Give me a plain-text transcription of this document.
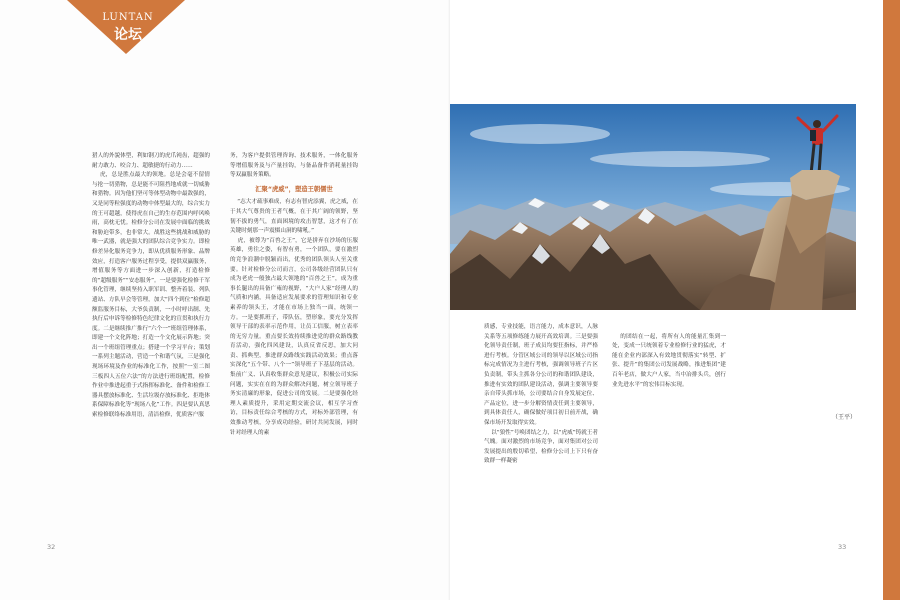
LUNTAN
论坛
猎人的外貌体型，利如钢刀的虎爪钝齿，超强的耐力敢力、咬合力、超敏捷的行动力……
虎，总是胜点最大的领地。总是会毫不留情与抢一切猎物，总是能不可阻挡地成就一切威胁和猎物。因为他们坚可等体型动物中最敌强的，又是同等粒强度的动物中体型最大的，综合实力的王可超越，使得虎在自己的生存范围内呼风唤雨，高枕无忧。检修分公司在发展中面临的挑战和胁迫带多，也非常大。战胜这些挑战和威胁的唯一武器，就是强大的团队综合竞争实力。即检修差异化服务竞争力，即从优质服务形象、品牌效应，打造客户服务过程享受，提供双赢服务，增值服务等方面进一步深入创新，打造检修的“超级服务”“安态服务”。一是要强化检修千军事化管理，继续坚持入职军训、整齐着装、列队遗站、方队早会等管理，加大“四个到位”检修超额监服务目标，大爷负责制，一小时呼出制、先执行后申诉等检修特色纪律文化的宣贯和执行力度。二是继续推广推行“六个一”班组管理体系，即建一个文化阵地；打造一个文化展示阵地；突出一个班组管理重点；搭建一个学习平台；策划一系列主题活动，营造一个和谐气氛，三是强化现场环境及作业的标准化工作，按照“一室二图三板四人五位六法”的方法进行班组配置，检修作业中推进起重于式指挥标准化、备件和检修工器具摆放标准化、生活垃圾存放标准化、拒绝体系保障标准化等“现场八化”工作。四是要认真思索检修联络标准用语，清洁检修，优质客户服
务，为客户提供管理咨询、技术服务，一体化服务等增值服务及与产量挂钩，与备品备件消耗量挂钩等双赢服务策略。
汇聚“虎威”，塑造王朝儒世
“志大才疏事难成，有志有智虎添翼，虎之威，在于其大气尊贵的王者气概，在于其广阔的领野，坚韧不拔的勇气，直面困境的攻击智慧，这才有了在关键时刻那一声震慑山洞的啸吼。”
虎，被尊为“百兽之王”，它是拼弃在沙场的压服英雄，勇往之姿，有智有勇，一个团队，要在激烈的竞争浪潮中脱颖而出，优秀的团队领头人至关重要。针对检修分公司而言，公司各级经营团队只有成为老虎一般独占最大领地的“百兽之王”，成为重事长腿出的具备广雍的视野，“大户人家”经理人的气质和内涵，具备适应发展要求的管理知识和专业素养的领头王，才能在市场上独当一面，统领一方。一是要抓班子，带队伍，塑形象，要充分发挥领导干部的表率示范作用，让员工信服，树立表率的无穷力量。重点要长效持续推进党的群众路线教育活动，强化四风建设，认真反省反思，加大问责、抓典型，推进群众路线实践活动效果；重点落实深化“五个带、八个一”领导班子下基层的活动。集前广义、认真收集群众意见建议，积极公司实际问题，实实在在的为群众解决问题，树立领导班子务实清廉的形象，促进公司的发展。二是要强化经理人素质提升，采用定期交流会议，相互学习查访，目标责任综合考核的方式，对标外部管理，有效推动考核，分享成功经验，研讨共同发展，同时针对经理人的素
32
质感，专业技能，语言能力，成本意识，人脉关系等五项修练能力展开高效培训。三是要强化领导责任制，班子成员均要狂指标，并严格进行考核。分管区域公司的领导以区域公司指标完成情况为主进行考核，强调领导班子片区负责制，带头主抓各分公司的和谐团队建设，推进有实效的团队建设活动，强调主要领导要亲自带头抓市场，公司要结合自身发展定位、产品定位，进一步分解资情责任到主要领导，到具体责任人，确保做好项目初日前开战，确保市场开发取得实效。
以“狼性”号唤团结之力，以“虎威”铸就王者气魄。面对激烈的市场竞争，面对集团对公司发展提出的殷切希望，检修分公司上下只有奋致群一样凝密

的团结在一起，将所有人的能量汇集到一处，变成一只统领着专业检修行业的猛虎，才能在企业内部深入有效地贯彻落实“转型、扩张、提升”的集团公司发展战略，推进集团“建百年老店，做大户人家，当中冶排头兵，创行业先进水平”的宏伟目标实现。

（王平）

33
